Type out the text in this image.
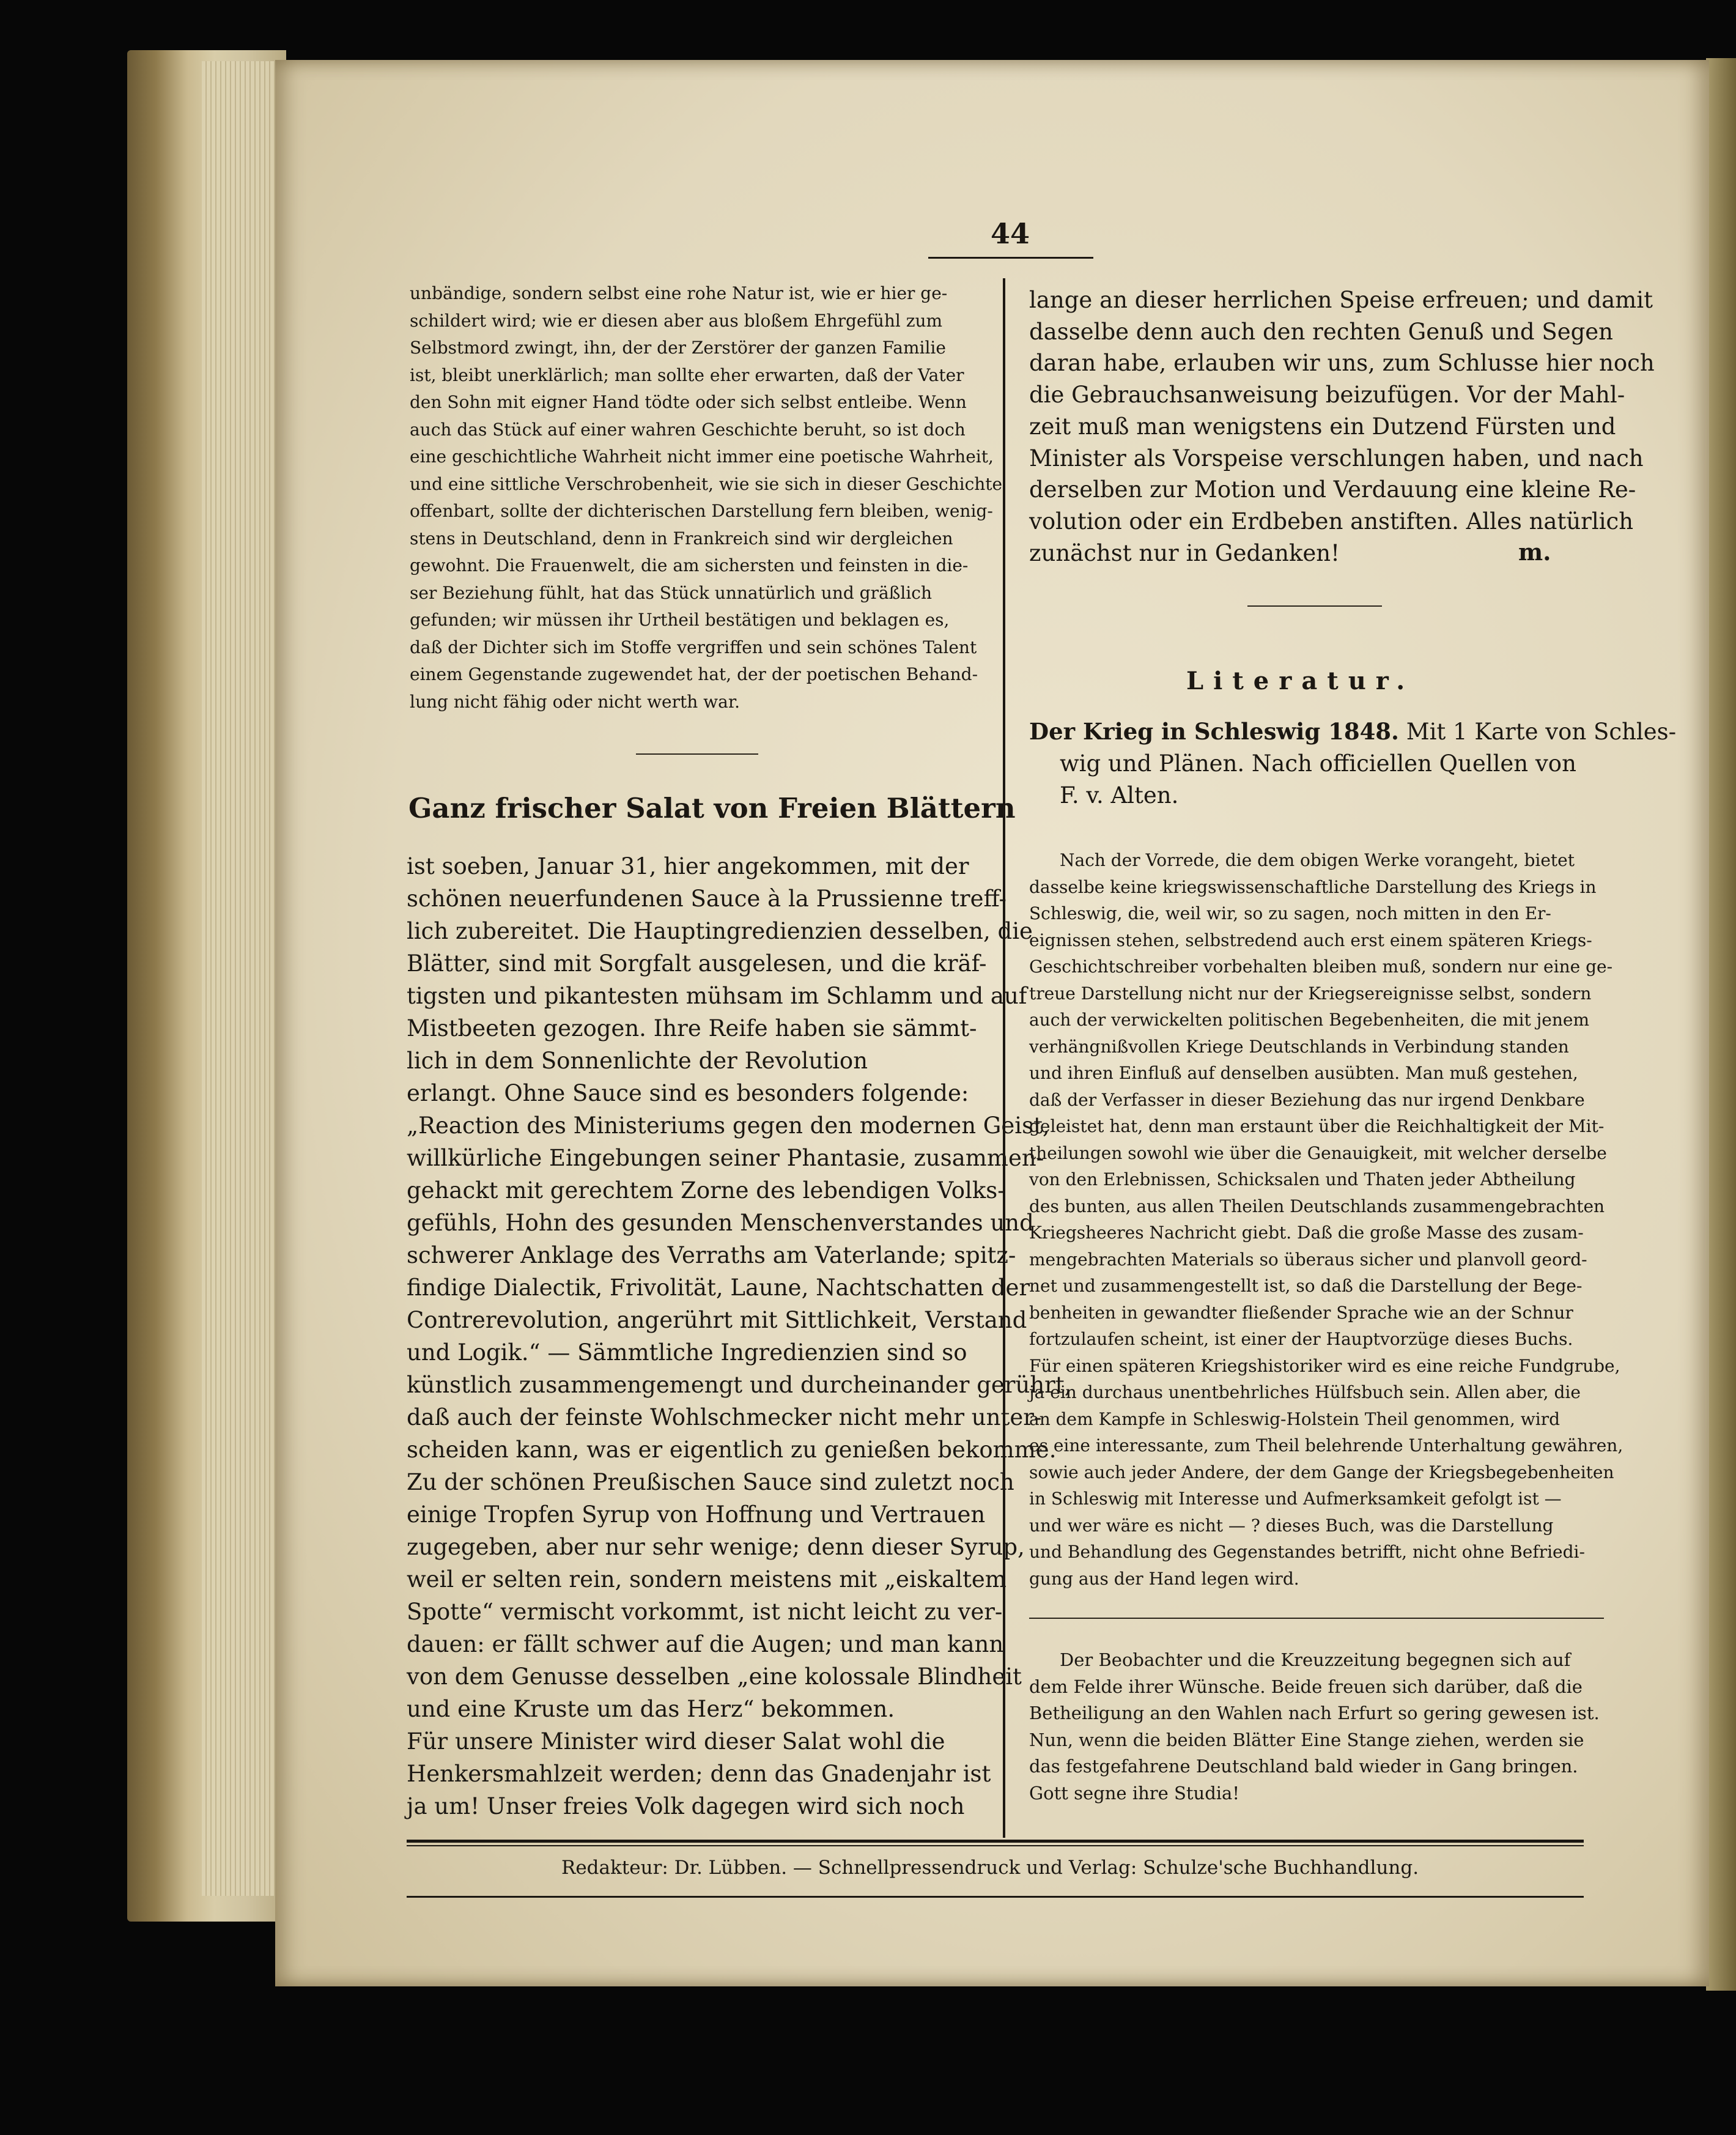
44
unbändige, sondern selbst eine rohe Natur ist, wie er hier ge-
schildert wird; wie er diesen aber aus bloßem Ehrgefühl zum
Selbstmord zwingt, ihn, der der Zerstörer der ganzen Familie
ist, bleibt unerklärlich; man sollte eher erwarten, daß der Vater
den Sohn mit eigner Hand tödte oder sich selbst entleibe. Wenn
auch das Stück auf einer wahren Geschichte beruht, so ist doch
eine geschichtliche Wahrheit nicht immer eine poetische Wahrheit,
und eine sittliche Verschrobenheit, wie sie sich in dieser Geschichte
offenbart, sollte der dichterischen Darstellung fern bleiben, wenig-
stens in Deutschland, denn in Frankreich sind wir dergleichen
gewohnt. Die Frauenwelt, die am sichersten und feinsten in die-
ser Beziehung fühlt, hat das Stück unnatürlich und gräßlich
gefunden; wir müssen ihr Urtheil bestätigen und beklagen es,
daß der Dichter sich im Stoffe vergriffen und sein schönes Talent
einem Gegenstande zugewendet hat, der der poetischen Behand-
lung nicht fähig oder nicht werth war.
Ganz frischer Salat von Freien Blättern
ist soeben, Januar 31, hier angekommen, mit der
schönen neuerfundenen Sauce à la Prussienne treff-
lich zubereitet. Die Hauptingredienzien desselben, die
Blätter, sind mit Sorgfalt ausgelesen, und die kräf-
tigsten und pikantesten mühsam im Schlamm und auf
Mistbeeten gezogen. Ihre Reife haben sie sämmt-
lich in dem Sonnenlichte der Revolution
erlangt. Ohne Sauce sind es besonders folgende:
„Reaction des Ministeriums gegen den modernen Geist,
willkürliche Eingebungen seiner Phantasie, zusammen-
gehackt mit gerechtem Zorne des lebendigen Volks-
gefühls, Hohn des gesunden Menschenverstandes und
schwerer Anklage des Verraths am Vaterlande; spitz-
findige Dialectik, Frivolität, Laune, Nachtschatten der
Contrerevolution, angerührt mit Sittlichkeit, Verstand
und Logik.“ — Sämmtliche Ingredienzien sind so
künstlich zusammengemengt und durcheinander gerührt,
daß auch der feinste Wohlschmecker nicht mehr unter-
scheiden kann, was er eigentlich zu genießen bekomme.
Zu der schönen Preußischen Sauce sind zuletzt noch
einige Tropfen Syrup von Hoffnung und Vertrauen
zugegeben, aber nur sehr wenige; denn dieser Syrup,
weil er selten rein, sondern meistens mit „eiskaltem
Spotte“ vermischt vorkommt, ist nicht leicht zu ver-
dauen: er fällt schwer auf die Augen; und man kann
von dem Genusse desselben „eine kolossale Blindheit
und eine Kruste um das Herz“ bekommen.
Für unsere Minister wird dieser Salat wohl die
Henkersmahlzeit werden; denn das Gnadenjahr ist
ja um! Unser freies Volk dagegen wird sich noch
lange an dieser herrlichen Speise erfreuen; und damit
dasselbe denn auch den rechten Genuß und Segen
daran habe, erlauben wir uns, zum Schlusse hier noch
die Gebrauchsanweisung beizufügen. Vor der Mahl-
zeit muß man wenigstens ein Dutzend Fürsten und
Minister als Vorspeise verschlungen haben, und nach
derselben zur Motion und Verdauung eine kleine Re-
volution oder ein Erdbeben anstiften. Alles natürlich
zunächst nur in Gedanken!	m.
Literatur.
Der Krieg in Schleswig 1848. Mit 1 Karte von Schles-
wig und Plänen. Nach officiellen Quellen von
F. v. Alten.
Nach der Vorrede, die dem obigen Werke vorangeht, bietet
dasselbe keine kriegswissenschaftliche Darstellung des Kriegs in
Schleswig, die, weil wir, so zu sagen, noch mitten in den Er-
eignissen stehen, selbstredend auch erst einem späteren Kriegs-
Geschichtschreiber vorbehalten bleiben muß, sondern nur eine ge-
treue Darstellung nicht nur der Kriegsereignisse selbst, sondern
auch der verwickelten politischen Begebenheiten, die mit jenem
verhängnißvollen Kriege Deutschlands in Verbindung standen
und ihren Einfluß auf denselben ausübten. Man muß gestehen,
daß der Verfasser in dieser Beziehung das nur irgend Denkbare
geleistet hat, denn man erstaunt über die Reichhaltigkeit der Mit-
theilungen sowohl wie über die Genauigkeit, mit welcher derselbe
von den Erlebnissen, Schicksalen und Thaten jeder Abtheilung
des bunten, aus allen Theilen Deutschlands zusammengebrachten
Kriegsheeres Nachricht giebt. Daß die große Masse des zusam-
mengebrachten Materials so überaus sicher und planvoll geord-
net und zusammengestellt ist, so daß die Darstellung der Bege-
benheiten in gewandter fließender Sprache wie an der Schnur
fortzulaufen scheint, ist einer der Hauptvorzüge dieses Buchs.
Für einen späteren Kriegshistoriker wird es eine reiche Fundgrube,
ja ein durchaus unentbehrliches Hülfsbuch sein. Allen aber, die
an dem Kampfe in Schleswig-Holstein Theil genommen, wird
es eine interessante, zum Theil belehrende Unterhaltung gewähren,
sowie auch jeder Andere, der dem Gange der Kriegsbegebenheiten
in Schleswig mit Interesse und Aufmerksamkeit gefolgt ist —
und wer wäre es nicht — ? dieses Buch, was die Darstellung
und Behandlung des Gegenstandes betrifft, nicht ohne Befriedi-
gung aus der Hand legen wird.
Der Beobachter und die Kreuzzeitung begegnen sich auf
dem Felde ihrer Wünsche. Beide freuen sich darüber, daß die
Betheiligung an den Wahlen nach Erfurt so gering gewesen ist.
Nun, wenn die beiden Blätter Eine Stange ziehen, werden sie
das festgefahrene Deutschland bald wieder in Gang bringen.
Gott segne ihre Studia!
Redakteur: Dr. Lübben. — Schnellpressendruck und Verlag: Schulze'sche Buchhandlung.
